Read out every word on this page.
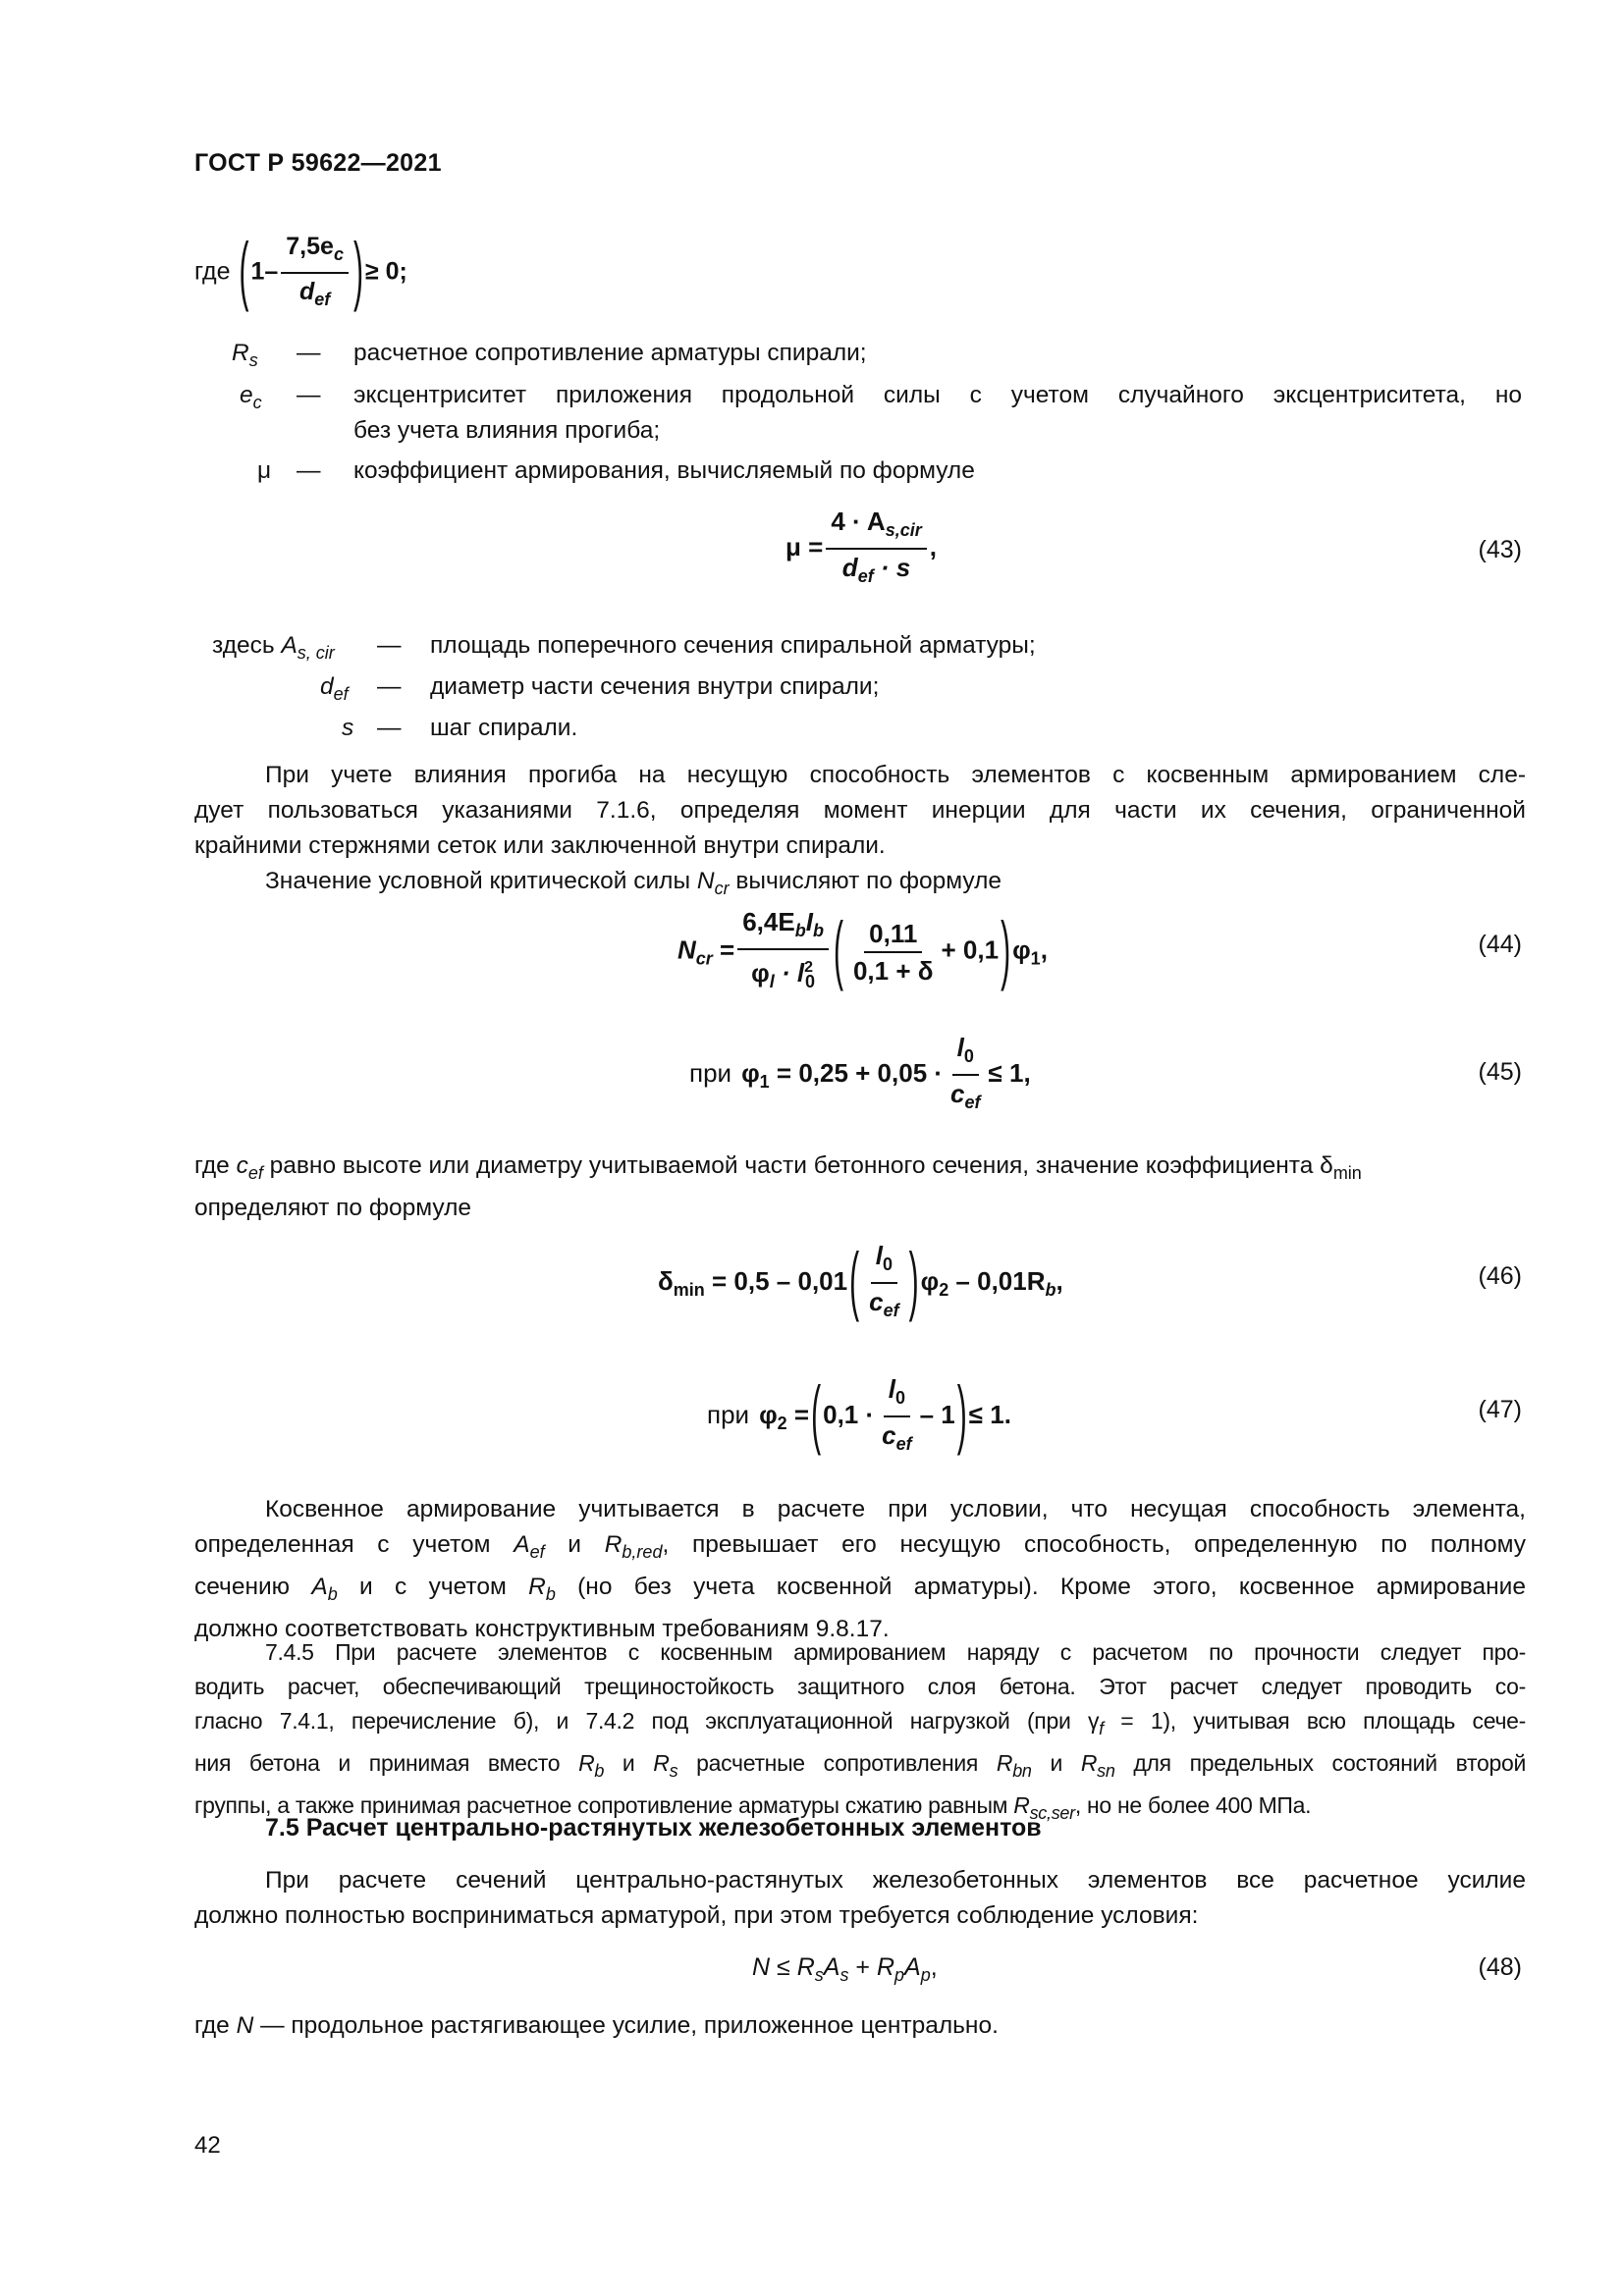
ГОСТ Р 59622—2021
где ($1- \frac{7,5e_c}{d_{ef}}$ )≥ 0;
$R_s$	— расчетное сопротивление арматуры спирали;
$e_c$	— эксцентриситет приложения продольной силы с учетом случайного эксцентриситета, но
без учета влияния прогиба;
μ	— коэффициент армирования, вычисляемый по формуле
$\mu = \frac{4 \cdot A_{s,cir}}{d_{ef} \cdot s}$ ,	(43)
здесь $A_{s, cir}$	— площадь поперечного сечения спиральной арматуры;
$d_{ef}$	— диаметр части сечения внутри спирали;
s — шаг спирали.
При учете влияния прогиба на несущую способность элементов с косвенным армированием сле-
дует пользоваться указаниями 7.1.6, определяя момент инерции для части их сечения, ограниченной
крайними стержнями сеток или заключенной внутри спирали.
Значение условной критической силы $N_{cr}$ вычисляют по формуле
$N_{cr} = \frac{6,4E_bI_b}{\varphi_l \cdot l^2_0}$ ( $\frac{0,11}{0,1 + \delta} + 0,1)\varphi_1$,	(44)
при $\varphi_1 = 0,25 + 0,05 \cdot \frac{l_0}{c_{ef}} \le 1$,	(45)
где $c_{ef}$ равно высоте или диаметру учитываемой части бетонного сечения, значение коэффициента $\delta_{min}$
определяют по формуле
$\delta_{min} = 0,5 - 0,01( \frac{l_0}{c_{ef}} )\varphi_2 - 0,01R_b$,	(46)
при $\varphi_2 =(0,1 \cdot \frac{l_0}{c_{ef}} - 1)\le 1$.	(47)
Косвенное армирование учитывается в расчете при условии, что несущая способность элемента,
определенная с учетом $A_{ef}$ и $R_{b,red}$, превышает его несущую способность, определенную по полному
сечению $A_b$ и с учетом $R_b$ (но без учета косвенной арматуры). Кроме этого, косвенное армирование
должно соответствовать конструктивным требованиям 9.8.17.
7.4.5 При расчете элементов с косвенным армированием наряду с расчетом по прочности следует про-
водить расчет, обеспечивающий трещиностойкость защитного слоя бетона. Этот расчет следует проводить со-
гласно 7.4.1, перечисление б), и 7.4.2 под эксплуатационной нагрузкой (при $\gamma_f = 1$), учитывая всю площадь сече-
ния бетона и принимая вместо $R_b$ и $R_s$ расчетные сопротивления $R_{bn}$ и $R_{sn}$ для предельных состояний второй
группы, а также принимая расчетное сопротивление арматуры сжатию равным $R_{sc,ser}$, но не более 400 МПа.
7.5 Расчет центрально-растянутых железобетонных элементов
При расчете сечений центрально-растянутых железобетонных элементов все расчетное усилие
должно полностью восприниматься арматурой, при этом требуется соблюдение условия:
$N \le R_sA_s + R_pA_p$,	(48)
где N — продольное растягивающее усилие, приложенное центрально.
42
